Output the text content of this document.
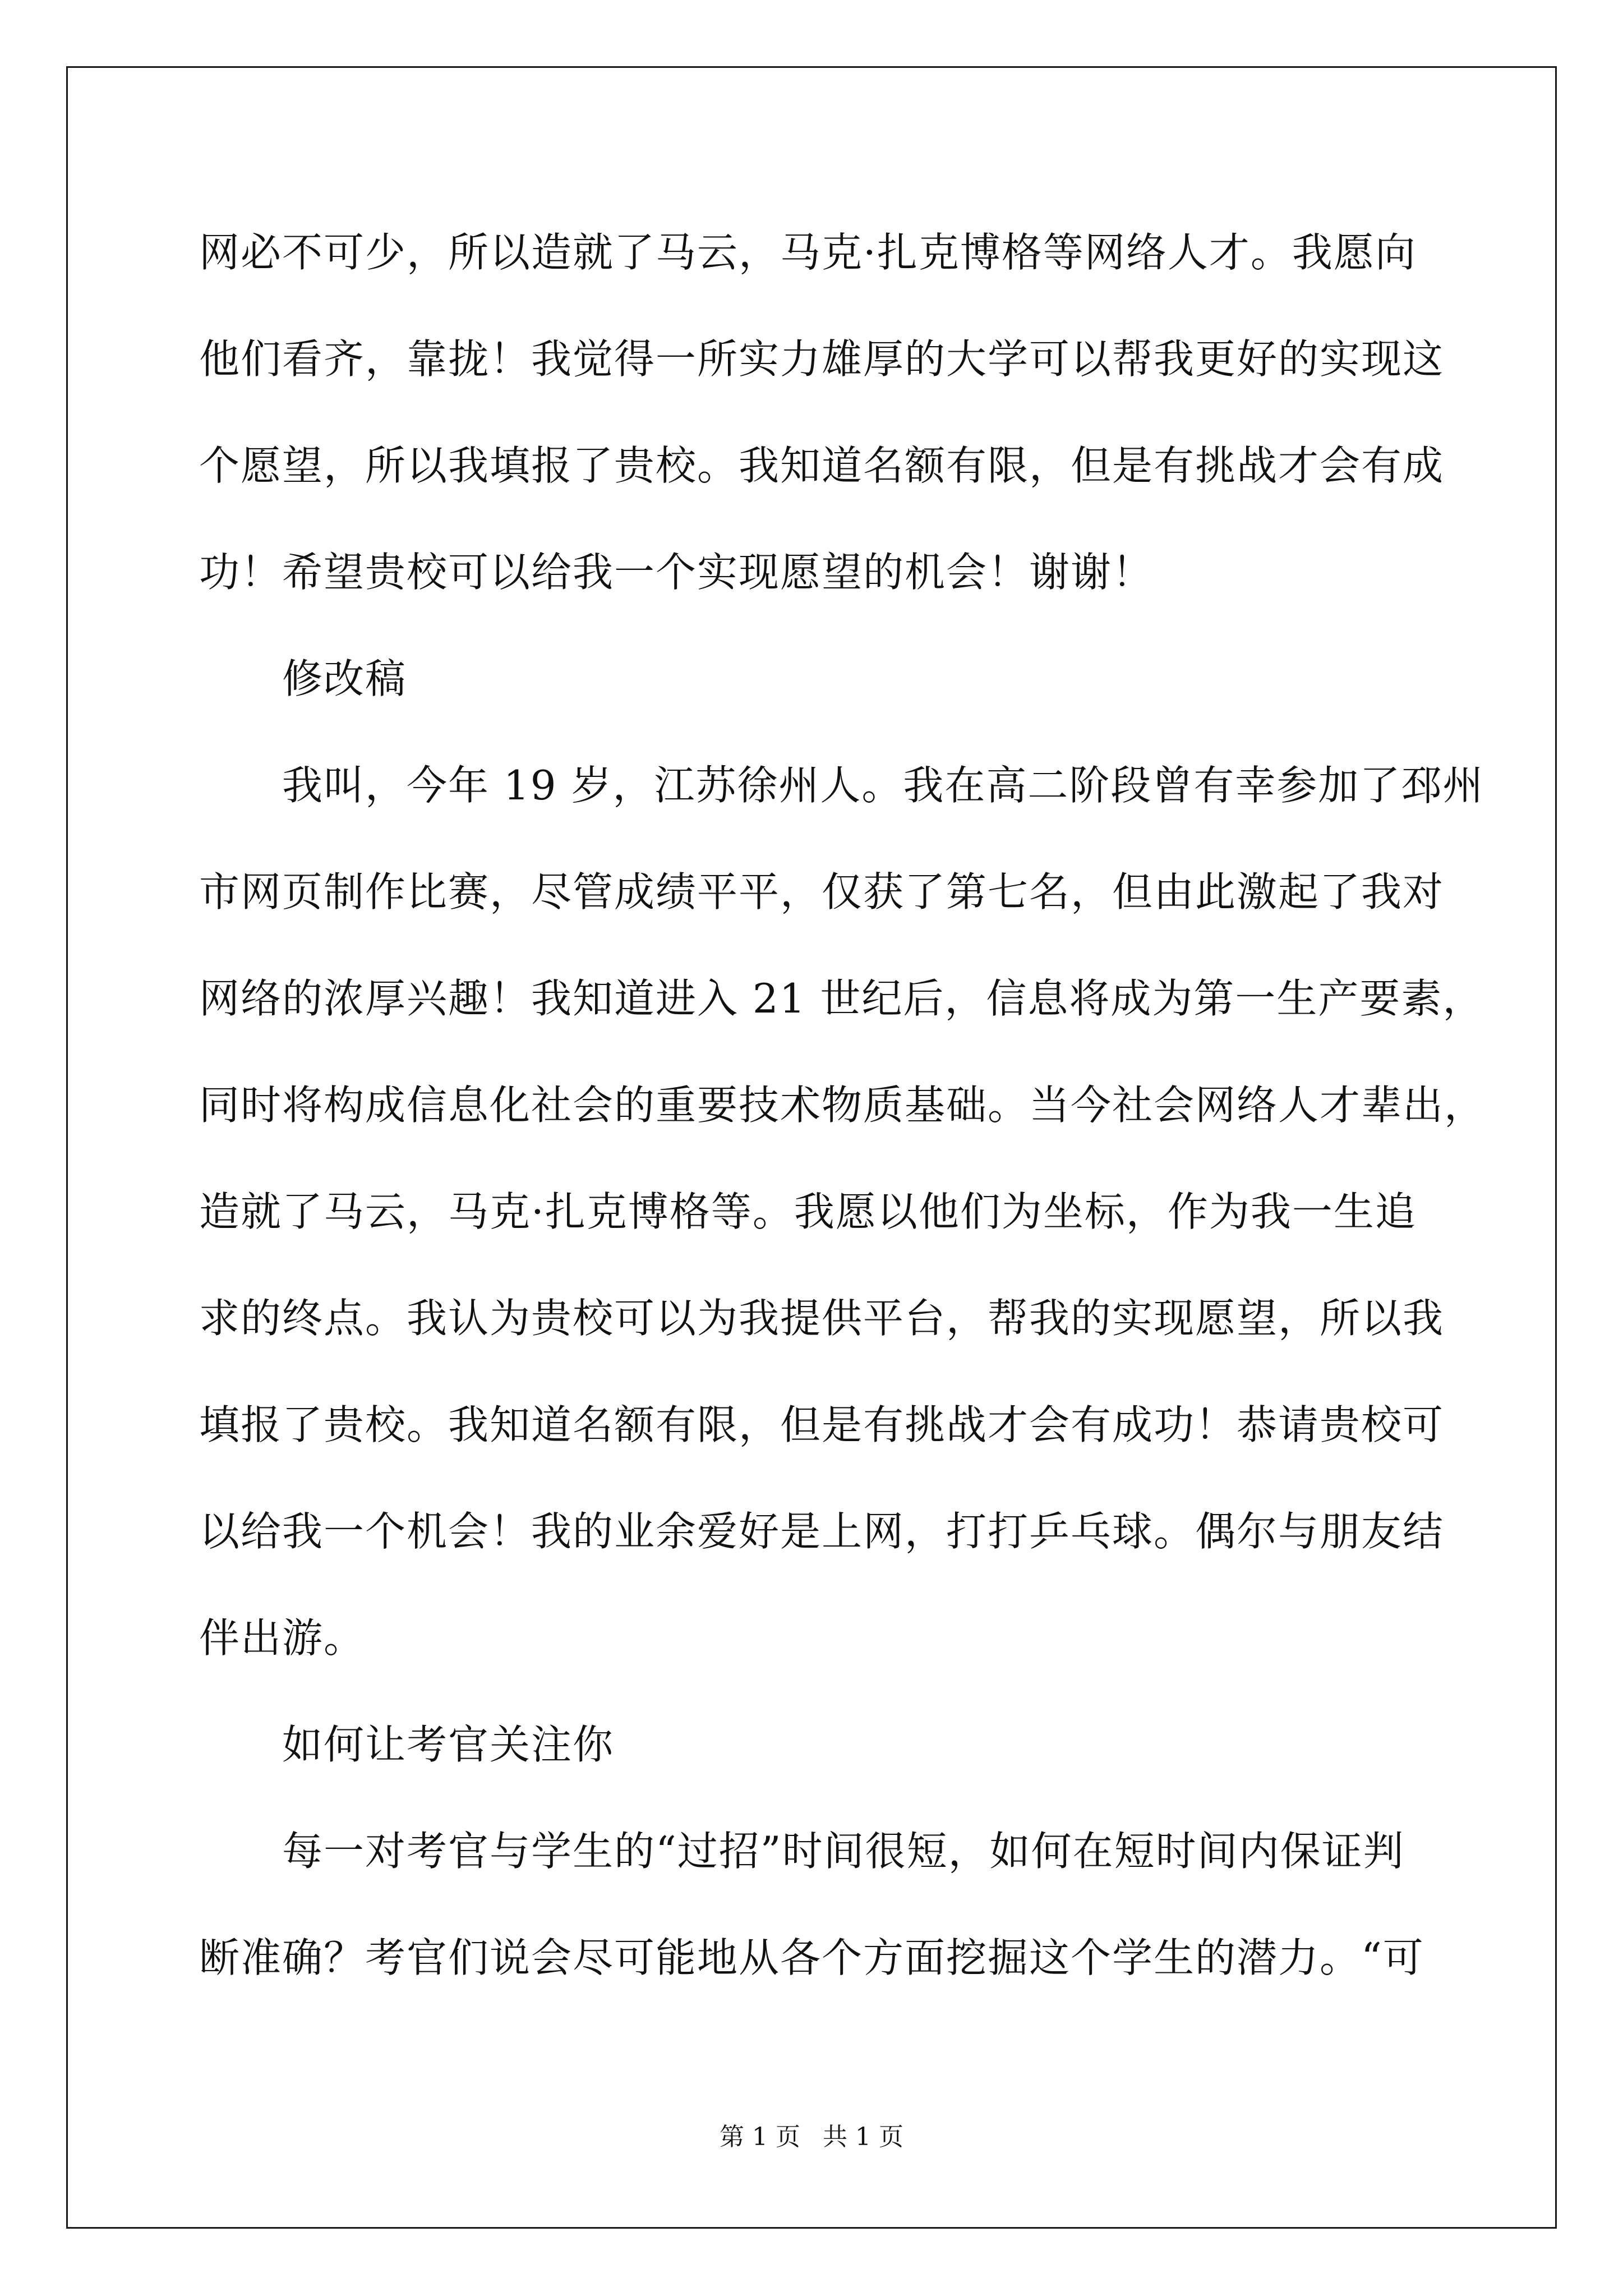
网必不可少，所以造就了马云，马克·扎克博格等网络人才。我愿向
他们看齐，靠拢！我觉得一所实力雄厚的大学可以帮我更好的实现这
个愿望，所以我填报了贵校。我知道名额有限，但是有挑战才会有成
功！希望贵校可以给我一个实现愿望的机会！谢谢！
修改稿
我叫，今年 19 岁，江苏徐州人。我在高二阶段曾有幸参加了邳州
市网页制作比赛，尽管成绩平平，仅获了第七名，但由此激起了我对
网络的浓厚兴趣！我知道进入 21 世纪后，信息将成为第一生产要素，
同时将构成信息化社会的重要技术物质基础。当今社会网络人才辈出，
造就了马云，马克·扎克博格等。我愿以他们为坐标，作为我一生追
求的终点。我认为贵校可以为我提供平台，帮我的实现愿望，所以我
填报了贵校。我知道名额有限，但是有挑战才会有成功！恭请贵校可
以给我一个机会！我的业余爱好是上网，打打乒乓球。偶尔与朋友结
伴出游。
如何让考官关注你
每一对考官与学生的“过招”时间很短，如何在短时间内保证判
断准确？考官们说会尽可能地从各个方面挖掘这个学生的潜力。“可
第 1 页 共 1 页
